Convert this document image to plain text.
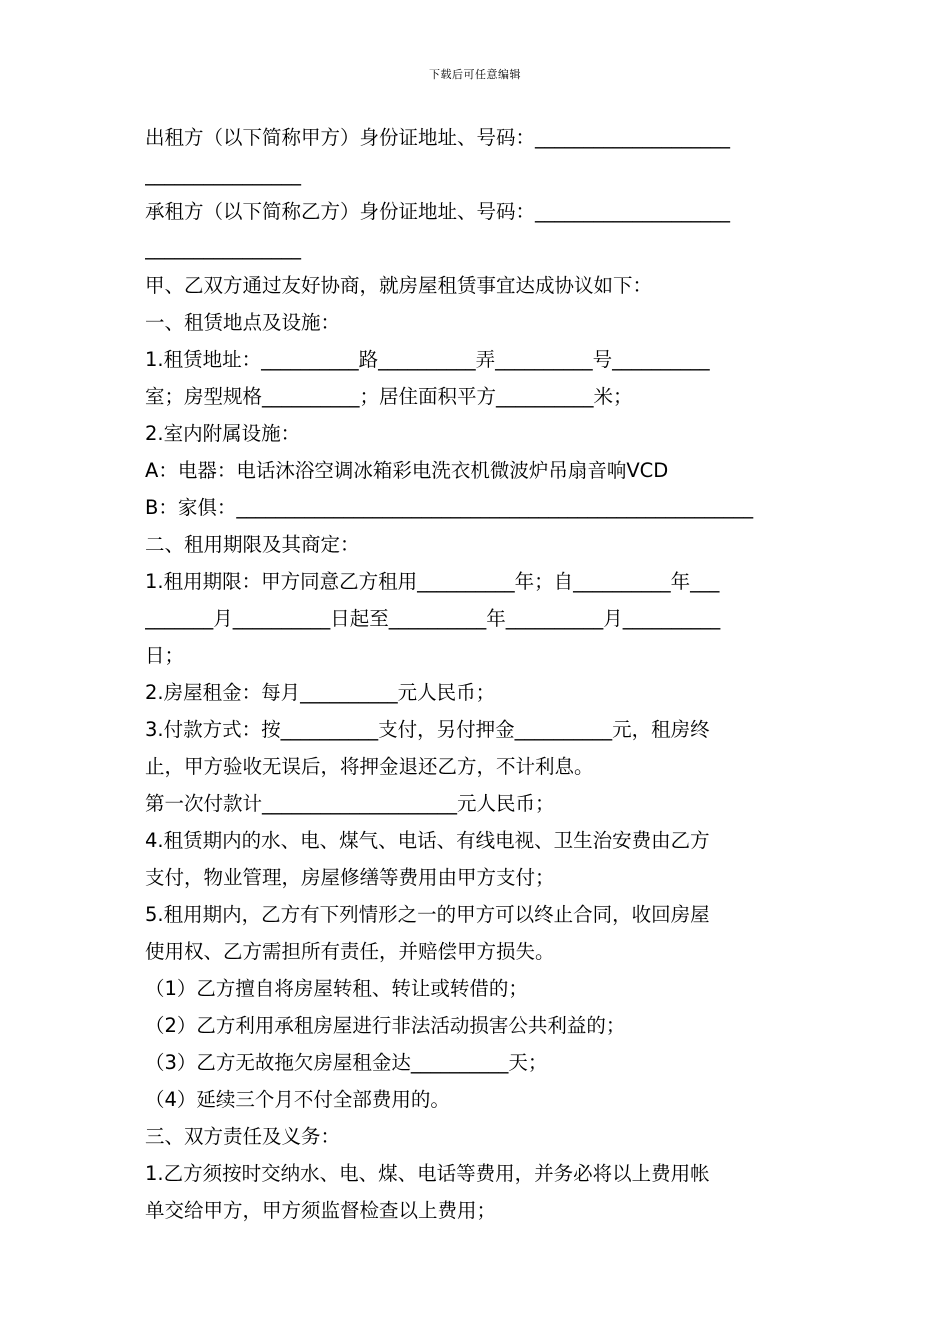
下载后可任意编辑
出租方（以下简称甲方）身份证地址、号码：____________________
________________
承租方（以下简称乙方）身份证地址、号码：____________________
________________
甲、乙双方通过友好协商，就房屋租赁事宜达成协议如下：
一、租赁地点及设施：
1.租赁地址：__________路__________弄__________号__________
室；房型规格__________；居住面积平方__________米；
2.室内附属设施：
A：电器：电话沐浴空调冰箱彩电洗衣机微波炉吊扇音响VCD
B：家俱：_____________________________________________________
二、租用期限及其商定：
1.租用期限：甲方同意乙方租用__________年；自__________年___
_______月__________日起至__________年__________月__________
日；
2.房屋租金：每月__________元人民币；
3.付款方式：按__________支付，另付押金__________元，租房终
止，甲方验收无误后，将押金退还乙方，不计利息。
第一次付款计____________________元人民币；
4.租赁期内的水、电、煤气、电话、有线电视、卫生治安费由乙方
支付，物业管理，房屋修缮等费用由甲方支付；
5.租用期内，乙方有下列情形之一的甲方可以终止合同，收回房屋
使用权、乙方需担所有责任，并赔偿甲方损失。
（1）乙方擅自将房屋转租、转让或转借的；
（2）乙方利用承租房屋进行非法活动损害公共利益的；
（3）乙方无故拖欠房屋租金达__________天；
（4）延续三个月不付全部费用的。
三、双方责任及义务：
1.乙方须按时交纳水、电、煤、电话等费用，并务必将以上费用帐
单交给甲方，甲方须监督检查以上费用；
